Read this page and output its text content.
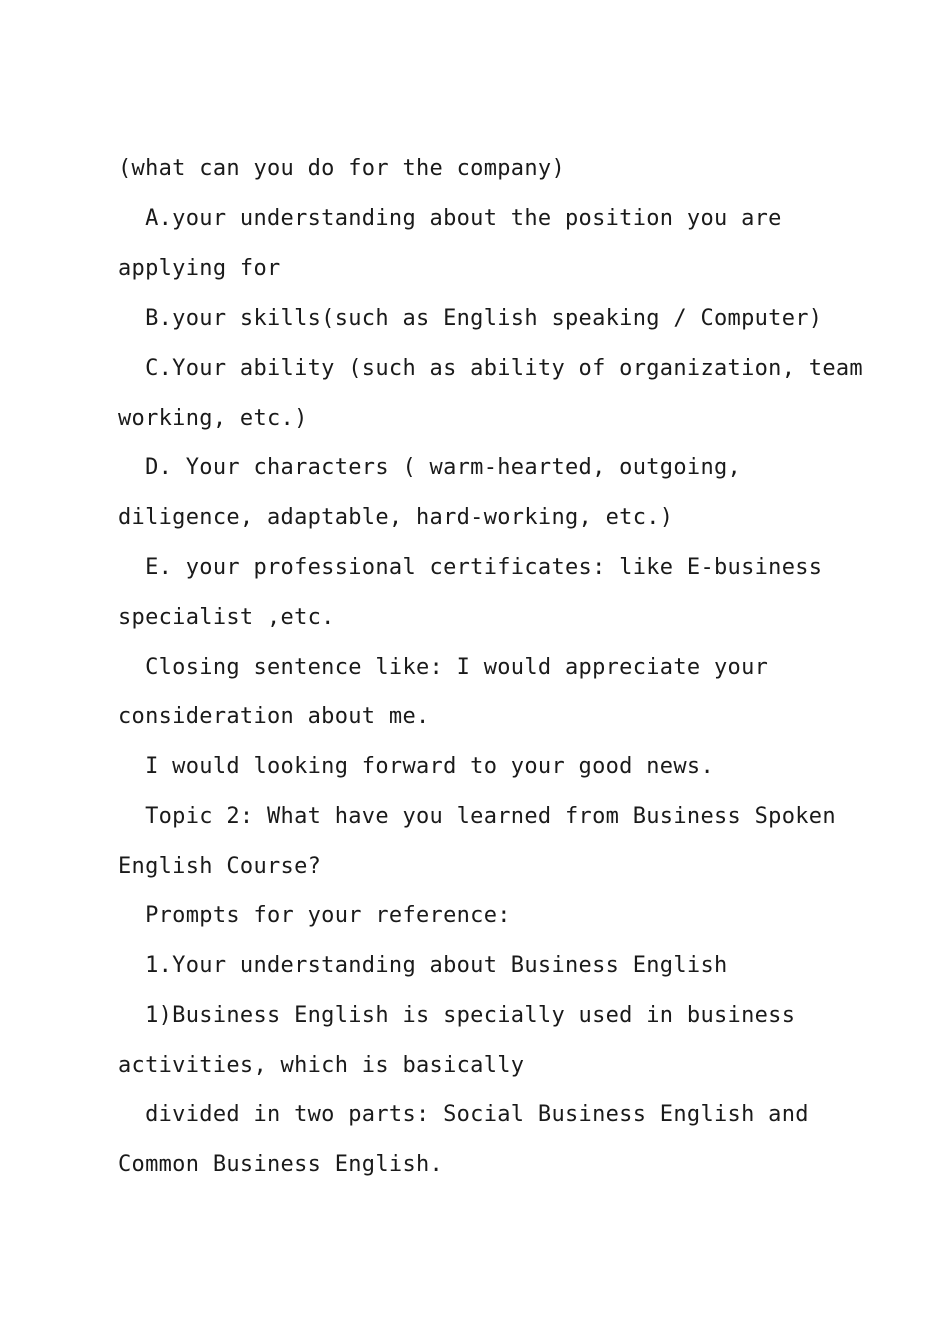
(what can you do for the company)
A.your understanding about the position you are
applying for
B.your skills(such as English speaking / Computer)
C.Your ability (such as ability of organization, team
working, etc.)
D. Your characters ( warm-hearted, outgoing,
diligence, adaptable, hard-working, etc.)
E. your professional certificates: like E-business
specialist ,etc.
Closing sentence like: I would appreciate your
consideration about me.
I would looking forward to your good news.
Topic 2: What have you learned from Business Spoken
English Course?
Prompts for your reference:
1.Your understanding about Business English
1)Business English is specially used in business
activities, which is basically
divided in two parts: Social Business English and
Common Business English.
